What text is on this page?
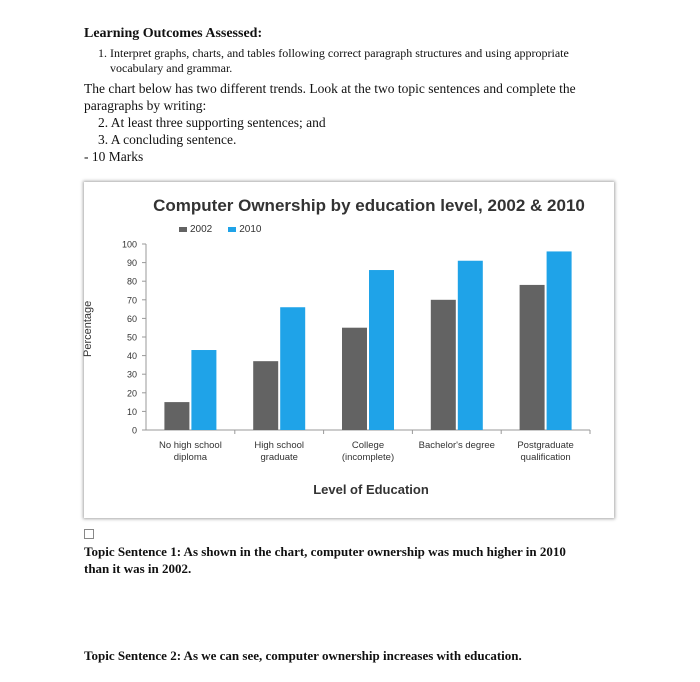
Learning Outcomes Assessed:

1. Interpret graphs, charts, and tables following correct paragraph structures and using appropriate
vocabulary and grammar.

The chart below has two different trends. Look at the two topic sentences and complete the

paragraphs by writing:

2. At least three supporting sentences; and

3. A concluding sentence.

- 10 Marks

Computer Ownership by education level, 2002 & 2010
2002	2010
Percentage
0
10
20
30
40
50
60
70
80
90
100
No high school
diploma
High school
graduate
College
(incomplete)
Bachelor's degree Postgraduate
qualification
Level of Education
Topic Sentence 1: As shown in the chart, computer ownership was much higher in 2010
than it was in 2002.
Topic Sentence 2: As we can see, computer ownership increases with education.
